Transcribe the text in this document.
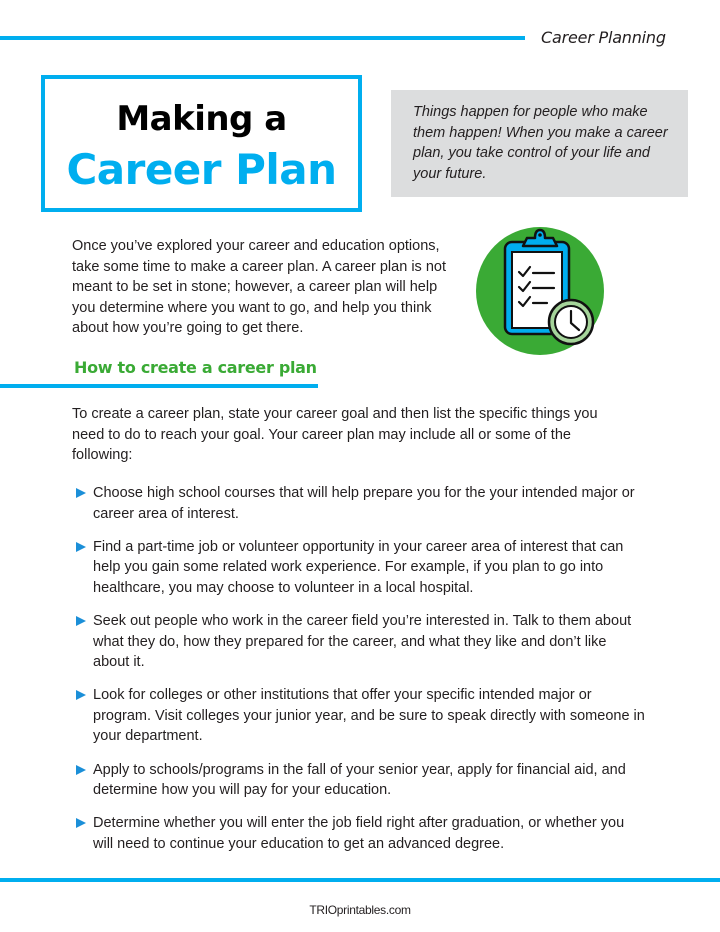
Career Planning
Making a
Career Plan
Things happen for people who make them happen! When you make a career plan, you take control of your life and your future.
Once you’ve explored your career and education options, take some time to make a career plan. A career plan is not meant to be set in stone; however, a career plan will help you determine where you want to go, and help you think about how you’re going to get there.
How to create a career plan
To create a career plan, state your career goal and then list the specific things you need to do to reach your goal. Your career plan may include all or some of the following:
Choose high school courses that will help prepare you for the your intended major or career area of interest.
Find a part-time job or volunteer opportunity in your career area of interest that can help you gain some related work experience. For example, if you plan to go into healthcare, you may choose to volunteer in a local hospital.
Seek out people who work in the career field you’re interested in. Talk to them about what they do, how they prepared for the career, and what they like and don’t like about it.
Look for colleges or other institutions that offer your specific intended major or program. Visit colleges your junior year, and be sure to speak directly with someone in your department.
Apply to schools/programs in the fall of your senior year, apply for financial aid, and determine how you will pay for your education.
Determine whether you will enter the job field right after graduation, or whether you will need to continue your education to get an advanced degree.
TRIOprintables.com
